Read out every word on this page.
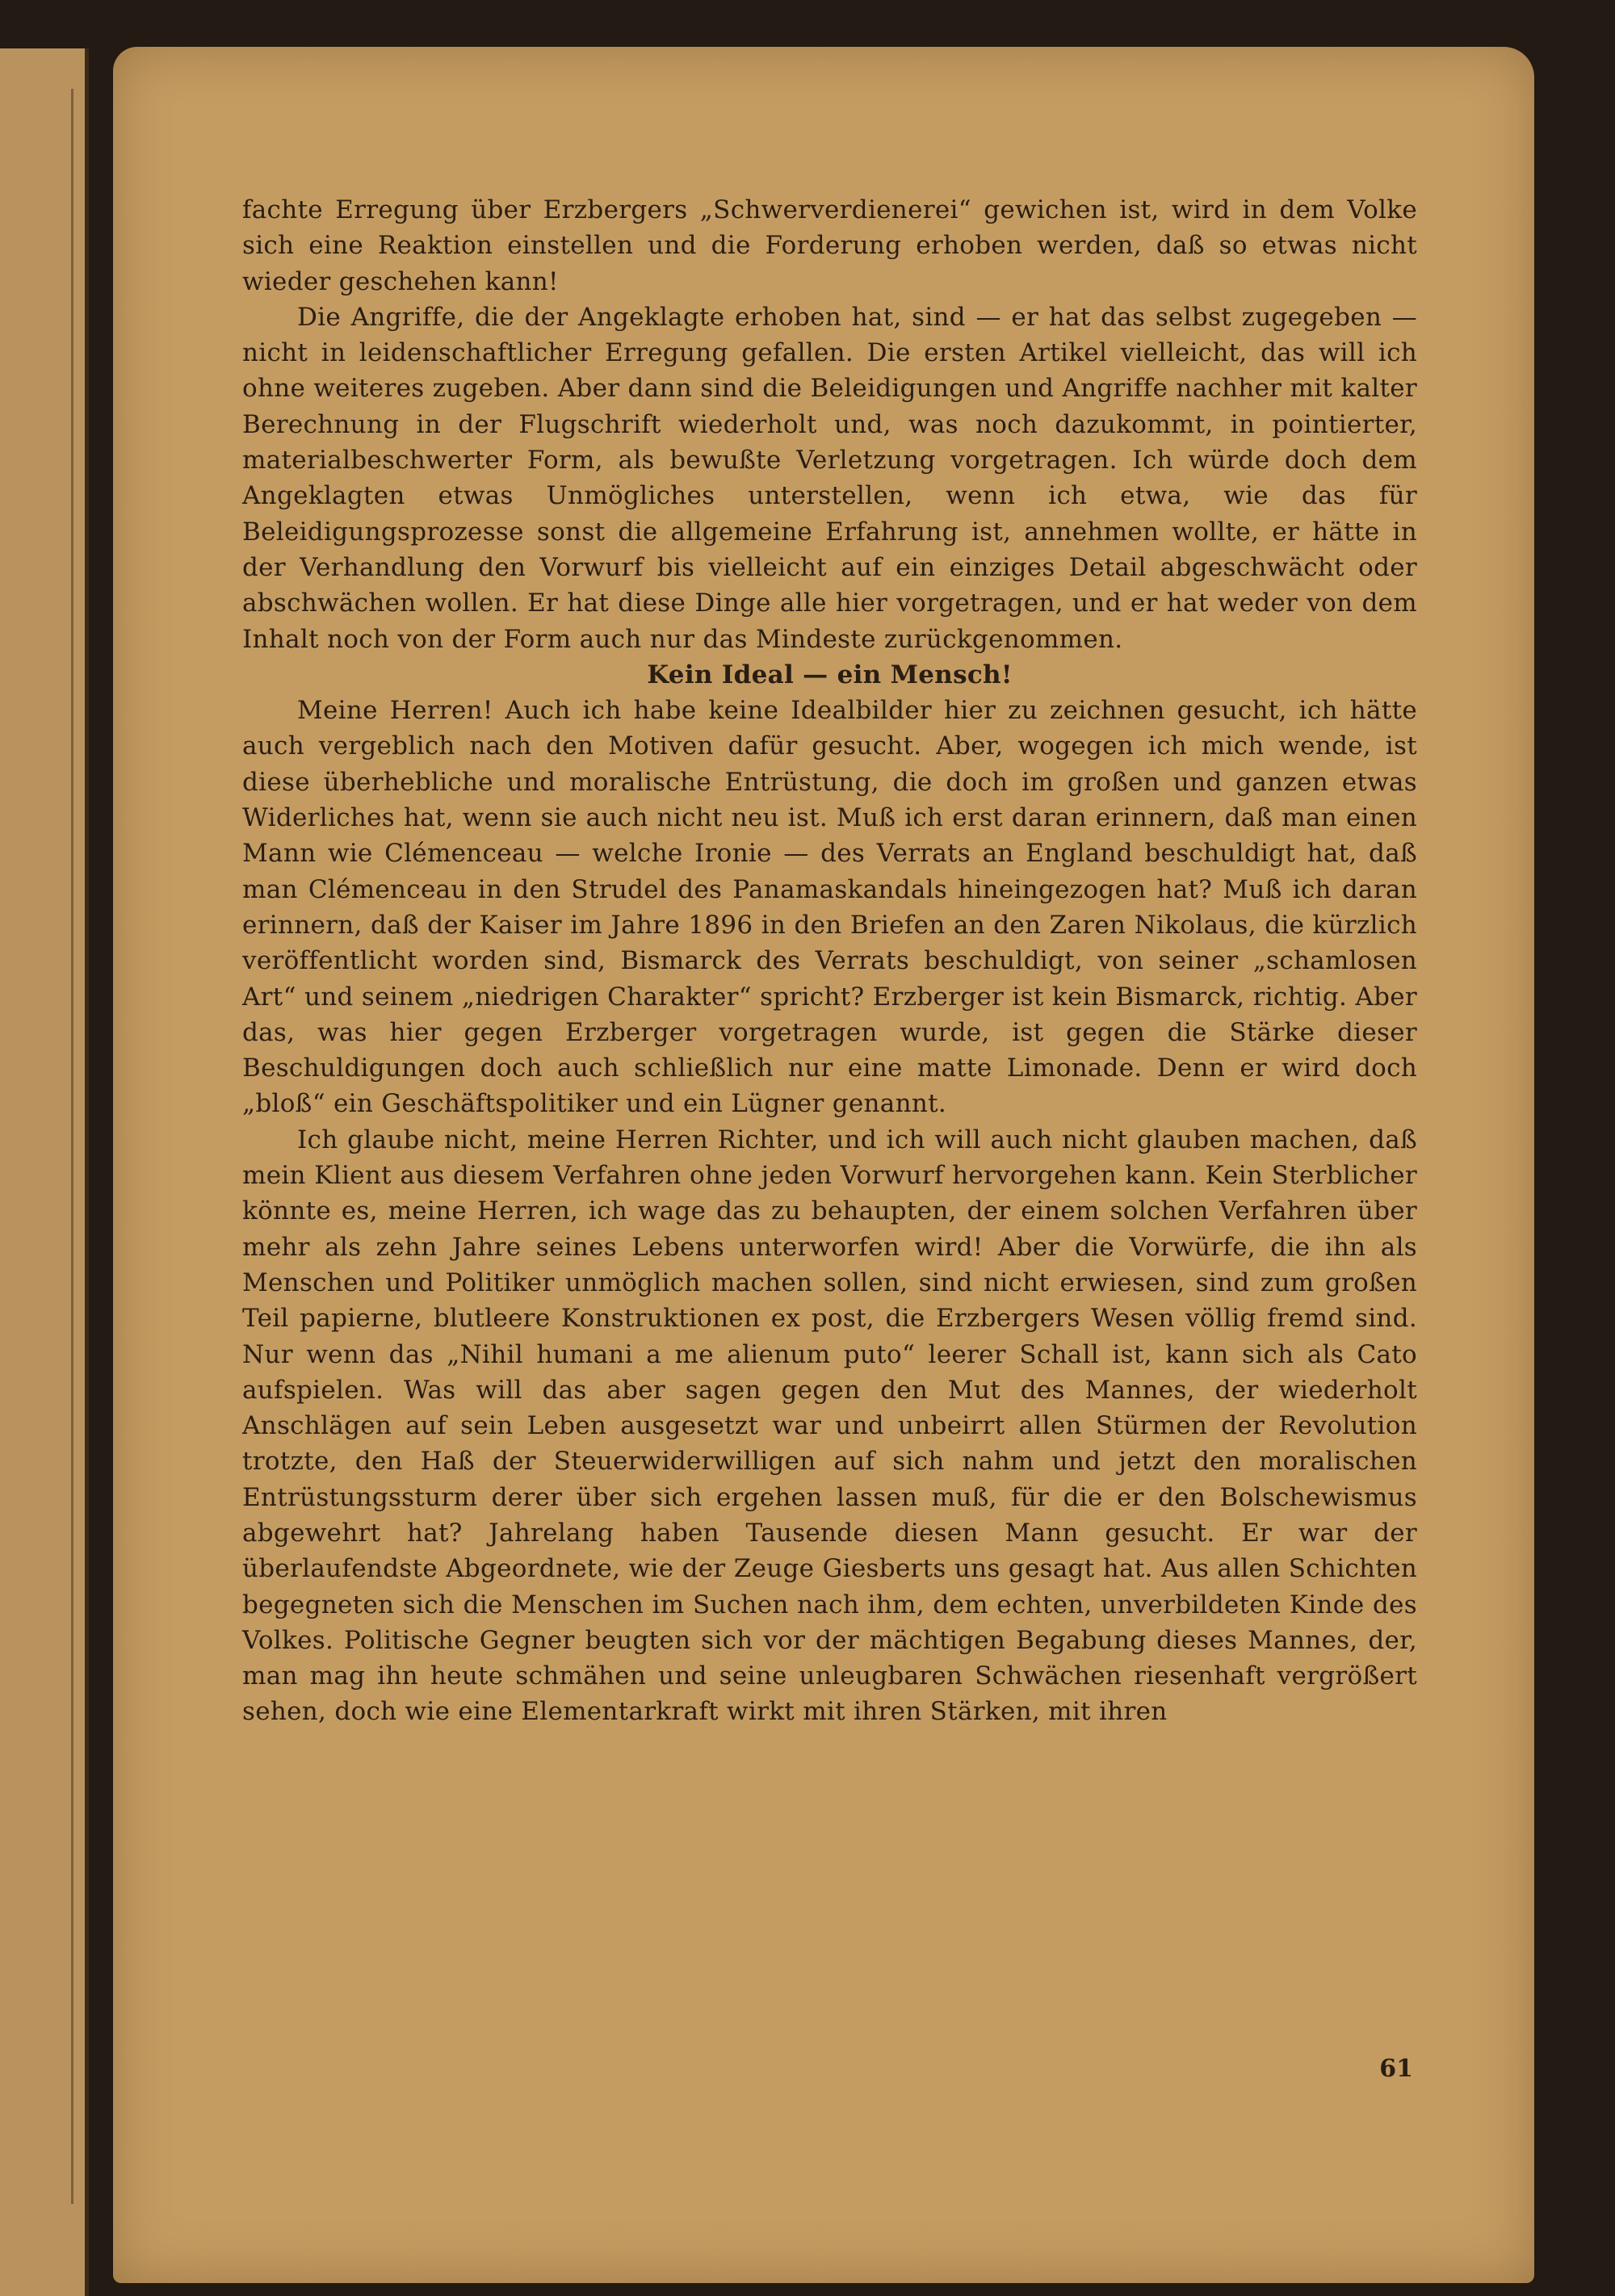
fachte Erregung über Erzbergers „Schwerverdienerei“ gewichen ist, wird in dem Volke sich eine Reaktion einstellen und die Forderung erhoben werden, daß so etwas nicht wieder geschehen kann!

Die Angriffe, die der Angeklagte erhoben hat, sind — er hat das selbst zugegeben — nicht in leidenschaftlicher Erregung gefallen. Die ersten Artikel vielleicht, das will ich ohne weiteres zugeben. Aber dann sind die Beleidigungen und Angriffe nachher mit kalter Berechnung in der Flugschrift wiederholt und, was noch dazukommt, in pointierter, materialbeschwerter Form, als bewußte Verletzung vorgetragen. Ich würde doch dem Angeklagten etwas Unmögliches unterstellen, wenn ich etwa, wie das für Beleidigungsprozesse sonst die allgemeine Erfahrung ist, annehmen wollte, er hätte in der Verhandlung den Vorwurf bis vielleicht auf ein einziges Detail abgeschwächt oder abschwächen wollen. Er hat diese Dinge alle hier vorgetragen, und er hat weder von dem Inhalt noch von der Form auch nur das Mindeste zurückgenommen.

Kein Ideal — ein Mensch!

Meine Herren! Auch ich habe keine Idealbilder hier zu zeichnen gesucht, ich hätte auch vergeblich nach den Motiven dafür gesucht. Aber, wogegen ich mich wende, ist diese überhebliche und moralische Entrüstung, die doch im großen und ganzen etwas Widerliches hat, wenn sie auch nicht neu ist. Muß ich erst daran erinnern, daß man einen Mann wie Clémenceau — welche Ironie — des Verrats an England beschuldigt hat, daß man Clémenceau in den Strudel des Panamaskandals hineingezogen hat? Muß ich daran erinnern, daß der Kaiser im Jahre 1896 in den Briefen an den Zaren Nikolaus, die kürzlich veröffentlicht worden sind, Bismarck des Verrats beschuldigt, von seiner „schamlosen Art“ und seinem „niedrigen Charakter“ spricht? Erzberger ist kein Bismarck, richtig. Aber das, was hier gegen Erzberger vorgetragen wurde, ist gegen die Stärke dieser Beschuldigungen doch auch schließlich nur eine matte Limonade. Denn er wird doch „bloß“ ein Geschäftspolitiker und ein Lügner genannt.

Ich glaube nicht, meine Herren Richter, und ich will auch nicht glauben machen, daß mein Klient aus diesem Verfahren ohne jeden Vorwurf hervorgehen kann. Kein Sterblicher könnte es, meine Herren, ich wage das zu behaupten, der einem solchen Verfahren über mehr als zehn Jahre seines Lebens unterworfen wird! Aber die Vorwürfe, die ihn als Menschen und Politiker unmöglich machen sollen, sind nicht erwiesen, sind zum großen Teil papierne, blutleere Konstruktionen ex post, die Erzbergers Wesen völlig fremd sind. Nur wenn das „Nihil humani a me alienum puto“ leerer Schall ist, kann sich als Cato aufspielen. Was will das aber sagen gegen den Mut des Mannes, der wiederholt Anschlägen auf sein Leben ausgesetzt war und unbeirrt allen Stürmen der Revolution trotzte, den Haß der Steuerwiderwilligen auf sich nahm und jetzt den moralischen Entrüstungssturm derer über sich ergehen lassen muß, für die er den Bolschewismus abgewehrt hat? Jahrelang haben Tausende diesen Mann gesucht. Er war der überlaufendste Abgeordnete, wie der Zeuge Giesberts uns gesagt hat. Aus allen Schichten begegneten sich die Menschen im Suchen nach ihm, dem echten, unverbildeten Kinde des Volkes. Politische Gegner beugten sich vor der mächtigen Begabung dieses Mannes, der, man mag ihn heute schmähen und seine unleugbaren Schwächen riesenhaft vergrößert sehen, doch wie eine Elementarkraft wirkt mit ihren Stärken, mit ihren

61
